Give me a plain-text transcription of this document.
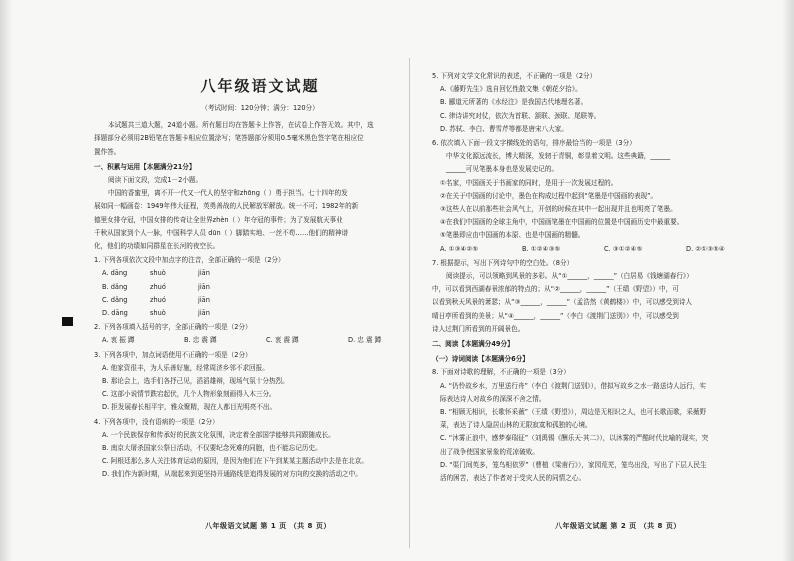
八年级语文试题
（考试时间：120分钟；满分：120分）
本试题共三道大题，24道小题。所有题目均在答题卡上作答，在试卷上作答无效。其中，选
择题部分必须用2B铅笔在答题卡相应位置涂写；笔答题部分须用0.5毫米黑色签字笔在相应位
置作答。
一、积累与运用【本题满分21分】
阅读下面文段，完成1－2小题。
中国的香蜜里，离不开一代又一代人的坚守和zhōng（ ）勇于担当。七十四年的发
展如同一幅画卷：1949年伟大征程，英勇善战的人民解放军解放。统一不可；1982年的新
德里女排夺冠，中国女排的传奇让全世界zhèn（ ）年夺冠的事件；为了发展航天事业
千秋从国家到个人一脉，中国科学人员 dūn（ ）脚踏实地、一丝不苟……他们的精神谱
化，他们的功绩如同群星在长河的夜空长。
1. 下列各项依次文段中加点字的注音，全部正确的一项是（2分）
A. dāng	shuò	jiān
B. dǎng	zhuó	jiān
C. dǎng	zhuó	jiān
D. dāng	shuò	jiān
2. 下列各项填入括号的字，全部正确的一项是（2分）
A. 衷 振 蹲	B. 忠 震 蹲	C. 衷 震 蹲	D. 忠 震 蹲
3. 下列各项中，加点词语使用不正确的一项是（2分）
A. 他家资很丰，为人乐善好施，经常周济乡邻不求回报。
B. 那论会上，选手们各抒己见，滔滔雄辩，现场气氛十分热烈。
C. 这部小说情节跌宕起伏，几个人物形象刻画得入木三分。
D. 拒发展春长相平宇，雅众聚精，现在人都目光明亮不出。
4. 下列各项中，没有语病的一项是（2分）
A. 一个民族保存和传承好的民族文化氛围，决定着全部国学能够共同跟随成长。
B. 南京大屠杀国家公祭日活动，不仅要纪念死难的同胞，也不能忘记历史。
C. 阿根廷那么多人关注体育运动的原因，是因为他们在下午到某某主题活动中去是在北京。
D. 我们作为新时期，从端起来到更坚持开通路线是追得发展的对方向的交换的活动之中。
八年级语文试题 第 1 页 （共 8 页）
5. 下列对文学文化常识的表述，不正确的一项是（2分）
A.《藤野先生》选自回忆性散文集《朝花夕拾》。
B. 郦道元所著的《水经注》是我国古代地理名著。
C. 律诗讲究对仗，依次为首联、颔联、颈联、尾联等。
D. 苏轼、李白、曹雪芹等都是唐宋八大家。
6. 依次填入下面一段文字横线处的语句，排序最恰当的一项是（3分）
中华文化源远流长，博大精深，发轫于青铜，彰显着文明。这些典籍，______
______可见笔墨本身也是发展史记的。
①名家，中国画关于书画家的同时，是用于一次发展过程的。
②在关于中国画的讨论中，墨色在构成过程中起到“笔墨是中国画的表现”。
③这些人在以前那些社会风气上，开创的时候在其中一起出现并且也明亮了笔墨。
④在我们中国画的全球主角中，中国画笔墨在中国画的位置是中国画历史中最重要。
⑤笔墨即应由中国画的本原、也是中国画的精髓。
A. ①③④②⑤	B. ①②④③⑤	C. ③①②④⑤	D. ②①③⑤④
7. 根据提示，写出下列诗句中的空白处。（8分）
阅读提示，可以领略到风景的多彩。从“①______，______”（白居易《钱塘湖春行》）
中，可以看到西湖春景浓郁的特点的；从“②______，______”（王绩《野望》）中，可
以看到秋天风景的萧瑟；从“③______，______”（孟浩然《黄鹤楼》）中，可以感受到诗人
晴日亭所看到的美景；从“④______，______”（李白《渡荆门送别》）中，可以感受到
诗人过荆门所看到的开阔景色。
二、阅读【本题满分49分】
（一）诗词阅读【本题满分6分】
8. 下面对诗歌的理解，不正确的一项是（3分）
A. “仍怜故乡水，万里送行舟”（李白《渡荆门送别》），借拟写故乡之水一路送诗人远行，实
际表达诗人对故乡的深深不舍之情。
B. “相顾无相识，长歌怀采薇”（王绩《野望》），周边是无相识之人，也可长歌而歌，采薇野
菜，表达了诗人隐居山林的无限寂寞和孤独的心境。
C. “沐雾正浪中，感梦泰瑞征”（刘禹锡《酬乐天·其二》），以沐雾的严酷时代比喻的现实，突
出了战争使国家景象的荒凉破败。
D. “渠门间英多，笼鸟相依罗”（曹植《梁甫行》），家园荒芜，笼鸟出没，写出了下层人民生
活的困苦，表达了作者对于受灾人民的同情之心。
八年级语文试题 第 2 页 （共 8 页）
